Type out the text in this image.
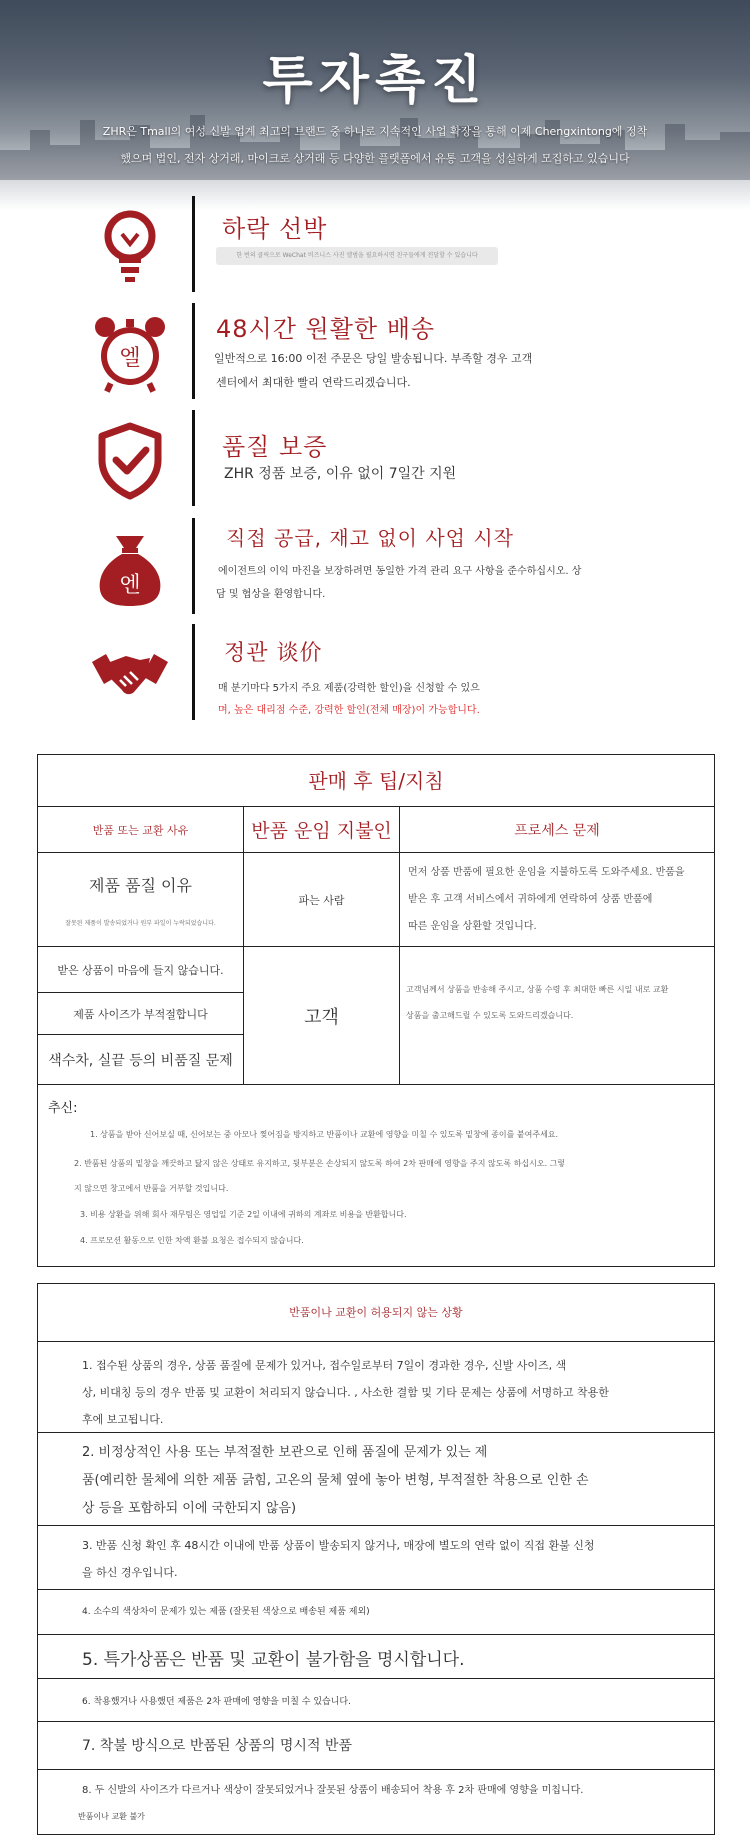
투자촉진
ZHR은 Tmall의 여성 신발 업계 최고의 브랜드 중 하나로 지속적인 사업 확장을 통해 이제 Chengxintong에 정착
했으며 법인, 전자 상거래, 마이크로 상거래 등 다양한 플랫폼에서 유통 고객을 성실하게 모집하고 있습니다
하락 선박
한 번의 클릭으로 WeChat 비즈니스 사진 앨범을 필요하시면 친구들에게 전달할 수 있습니다
엘
48시간 원활한 배송
일반적으로 16:00 이전 주문은 당일 발송됩니다. 부족할 경우 고객
센터에서 최대한 빨리 연락드리겠습니다.
품질 보증
ZHR 정품 보증, 이유 없이 7일간 지원
엔
직접 공급, 재고 없이 사업 시작
에이전트의 이익 마진을 보장하려면 동일한 가격 관리 요구 사항을 준수하십시오. 상
담 및 협상을 환영합니다.
정관 谈价
매 분기마다 5가지 주요 제품(강력한 할인)을 신청할 수 있으
며, 높은 대리점 수준, 강력한 할인(전체 매장)이 가능합니다.
판매 후 팁/지침
반품 또는 교환 사유	반품 운임 지불인	프로세스 문제
제품 품질 이유
잘못된 제품이 발송되었거나 원부 파일이 누락되었습니다.
파는 사람
먼저 상품 반품에 필요한 운임을 지불하도록 도와주세요. 반품을
받은 후 고객 서비스에서 귀하에게 연락하여 상품 반품에
따른 운임을 상환할 것입니다.
받은 상품이 마음에 들지 않습니다.
제품 사이즈가 부적절합니다
색수차, 실끝 등의 비품질 문제
고객
고객님께서 상품을 반송해 주시고, 상품 수령 후 최대한 빠른 시일 내로 교환
상품을 출고해드릴 수 있도록 도와드리겠습니다.
추신:
1. 상품을 받아 신어보실 때, 신어보는 중 아모나 찢어짐을 방지하고 반품이나 교환에 영향을 미칠 수 있도록 밑창에 종이를 붙여주세요.
2. 반품된 상품의 밑창을 깨끗하고 닳지 않은 상태로 유지하고, 뒷부분은 손상되지 않도록 하여 2차 판매에 영향을 주지 않도록 하십시오. 그렇
지 않으면 창고에서 반품을 거부할 것입니다.
3. 비용 상환을 위해 회사 재무팀은 영업일 기준 2일 이내에 귀하의 계좌로 비용을 반환합니다.
4. 프로모션 활동으로 인한 차액 환불 요청은 접수되지 않습니다.
반품이나 교환이 허용되지 않는 상황
1. 접수된 상품의 경우, 상품 품질에 문제가 있거나, 접수일로부터 7일이 경과한 경우, 신발 사이즈, 색
상, 비대칭 등의 경우 반품 및 교환이 처리되지 않습니다. , 사소한 결함 및 기타 문제는 상품에 서명하고 착용한
후에 보고됩니다.
2. 비정상적인 사용 또는 부적절한 보관으로 인해 품질에 문제가 있는 제
품(예리한 물체에 의한 제품 긁힘, 고온의 물체 옆에 놓아 변형, 부적절한 착용으로 인한 손
상 등을 포함하되 이에 국한되지 않음)
3. 반품 신청 확인 후 48시간 이내에 반품 상품이 발송되지 않거나, 매장에 별도의 연락 없이 직접 환불 신청
을 하신 경우입니다.
4. 소수의 색상차이 문제가 있는 제품 (잘못된 색상으로 배송된 제품 제외)
5. 특가상품은 반품 및 교환이 불가함을 명시합니다.
6. 착용했거나 사용했던 제품은 2차 판매에 영향을 미칠 수 있습니다.
7. 착불 방식으로 반품된 상품의 명시적 반품
8. 두 신발의 사이즈가 다르거나 색상이 잘못되었거나 잘못된 상품이 배송되어 착용 후 2차 판매에 영향을 미칩니다.
반품이나 교환 불가
